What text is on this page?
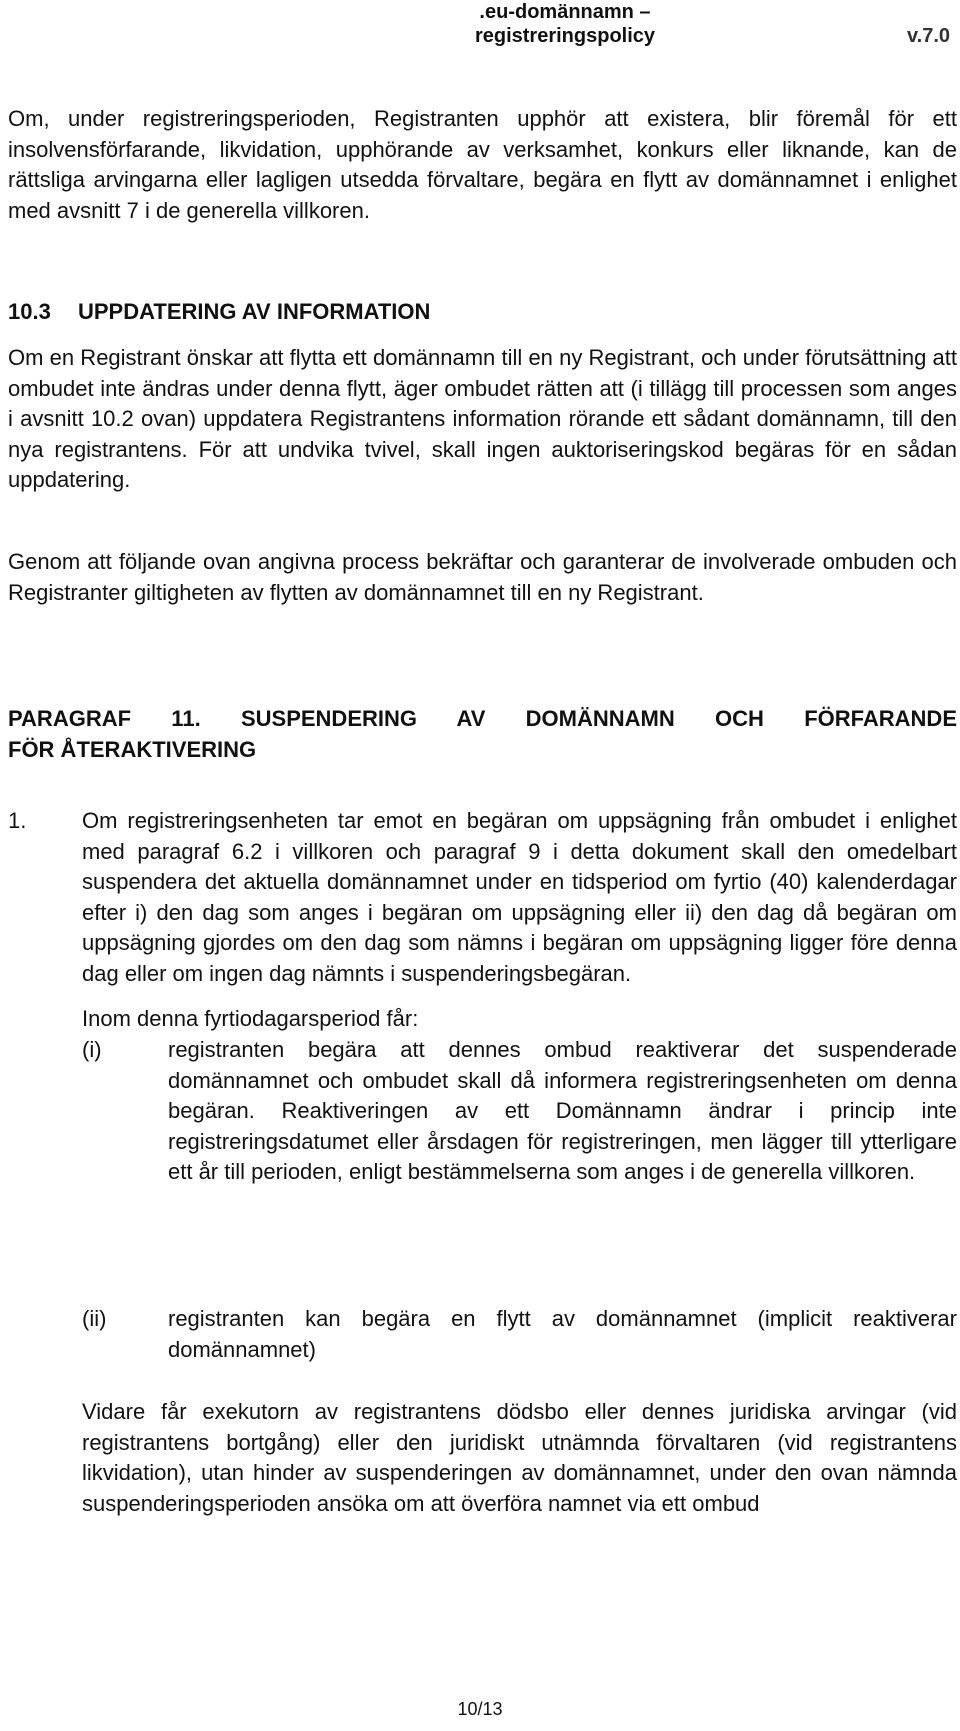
.eu-domännamn – registreringspolicy	v.7.0

Om, under registreringsperioden, Registranten upphör att existera, blir föremål för ett insolvensförfarande, likvidation, upphörande av verksamhet, konkurs eller liknande, kan de rättsliga arvingarna eller lagligen utsedda förvaltare, begära en flytt av domännamnet i enlighet med avsnitt 7 i de generella villkoren.

10.3 UPPDATERING AV INFORMATION

Om en Registrant önskar att flytta ett domännamn till en ny Registrant, och under förutsättning att ombudet inte ändras under denna flytt, äger ombudet rätten att (i tillägg till processen som anges i avsnitt 10.2 ovan) uppdatera Registrantens information rörande ett sådant domännamn, till den nya registrantens. För att undvika tvivel, skall ingen auktoriseringskod begäras för en sådan uppdatering.

Genom att följande ovan angivna process bekräftar och garanterar de involverade ombuden och Registranter giltigheten av flytten av domännamnet till en ny Registrant.

PARAGRAF 11. SUSPENDERING AV DOMÄNNAMN OCH FÖRFARANDE
FÖR ÅTERAKTIVERING
1.	Om registreringsenheten tar emot en begäran om uppsägning från ombudet i enlighet med paragraf 6.2 i villkoren och paragraf 9 i detta dokument skall den omedelbart suspendera det aktuella domännamnet under en tidsperiod om fyrtio (40) kalenderdagar efter i) den dag som anges i begäran om uppsägning eller ii) den dag då begäran om uppsägning gjordes om den dag som nämns i begäran om uppsägning ligger före denna dag eller om ingen dag nämnts i suspenderingsbegäran.

Inom denna fyrtiodagarsperiod får:
(i)	registranten begära att dennes ombud reaktiverar det suspenderade domännamnet och ombudet skall då informera registreringsenheten om denna begäran. Reaktiveringen av ett Domännamn ändrar i princip inte registreringsdatumet eller årsdagen för registreringen, men lägger till ytterligare ett år till perioden, enligt bestämmelserna som anges i de generella villkoren.

(ii)	registranten kan begära en flytt av domännamnet (implicit reaktiverar domännamnet)

Vidare får exekutorn av registrantens dödsbo eller dennes juridiska arvingar (vid registrantens bortgång) eller den juridiskt utnämnda förvaltaren (vid registrantens likvidation), utan hinder av suspenderingen av domännamnet, under den ovan nämnda suspenderingsperioden ansöka om att överföra namnet via ett ombud

10/13
